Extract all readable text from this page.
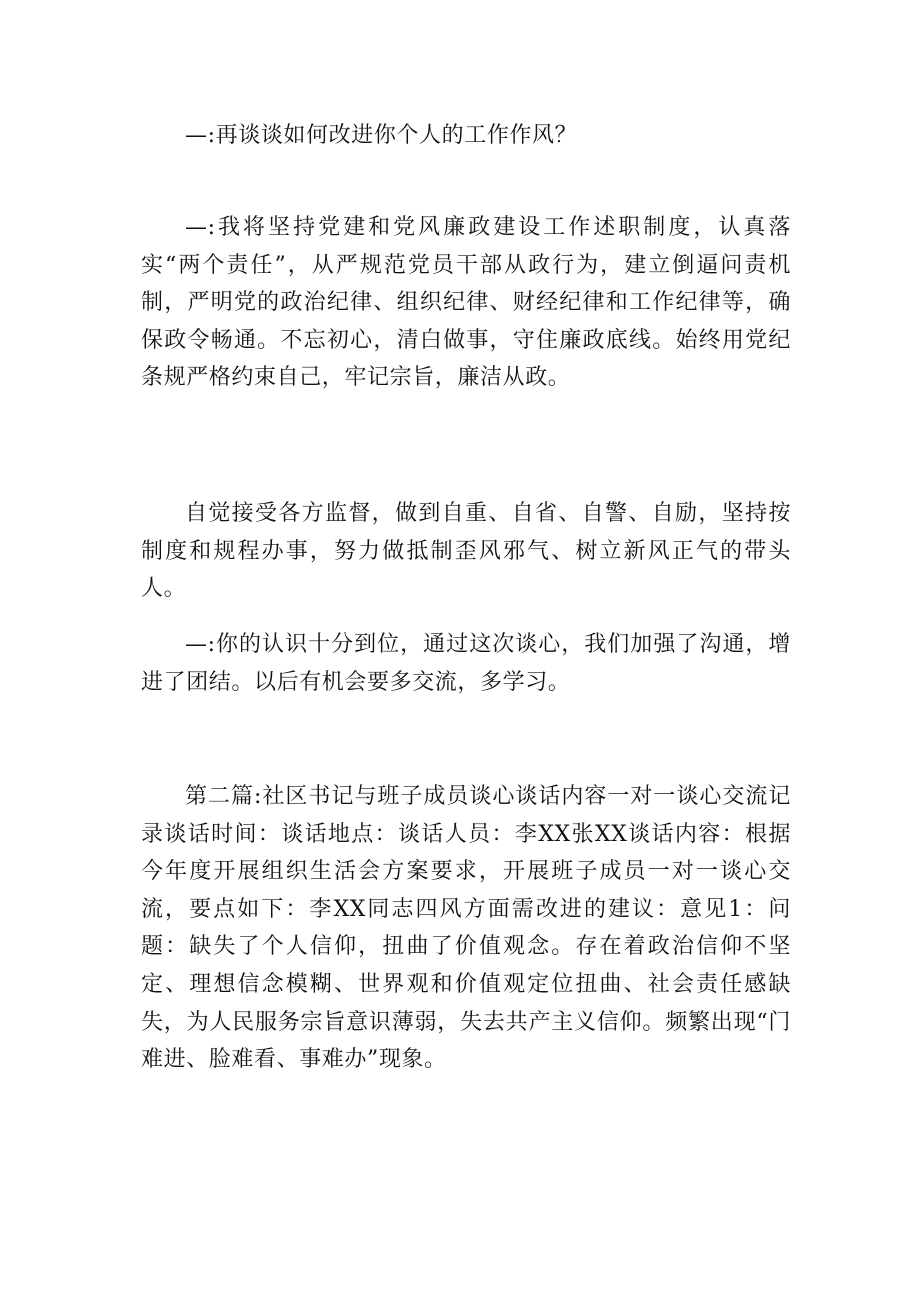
—:再谈谈如何改进你个人的工作作风？

—:我将坚持党建和党风廉政建设工作述职制度，认真落实“两个责任”，从严规范党员干部从政行为，建立倒逼问责机制，严明党的政治纪律、组织纪律、财经纪律和工作纪律等，确保政令畅通。不忘初心，清白做事，守住廉政底线。始终用党纪条规严格约束自己，牢记宗旨，廉洁从政。

自觉接受各方监督，做到自重、自省、自警、自励，坚持按制度和规程办事，努力做抵制歪风邪气、树立新风正气的带头人。

—:你的认识十分到位，通过这次谈心，我们加强了沟通，增进了团结。以后有机会要多交流，多学习。

第二篇:社区书记与班子成员谈心谈话内容一对一谈心交流记录谈话时间：谈话地点：谈话人员：李XX张XX谈话内容：根据今年度开展组织生活会方案要求，开展班子成员一对一谈心交流，要点如下：李XX同志四风方面需改进的建议：意见1：问题：缺失了个人信仰，扭曲了价值观念。存在着政治信仰不坚定、理想信念模糊、世界观和价值观定位扭曲、社会责任感缺失，为人民服务宗旨意识薄弱，失去共产主义信仰。频繁出现“门难进、脸难看、事难办”现象。
